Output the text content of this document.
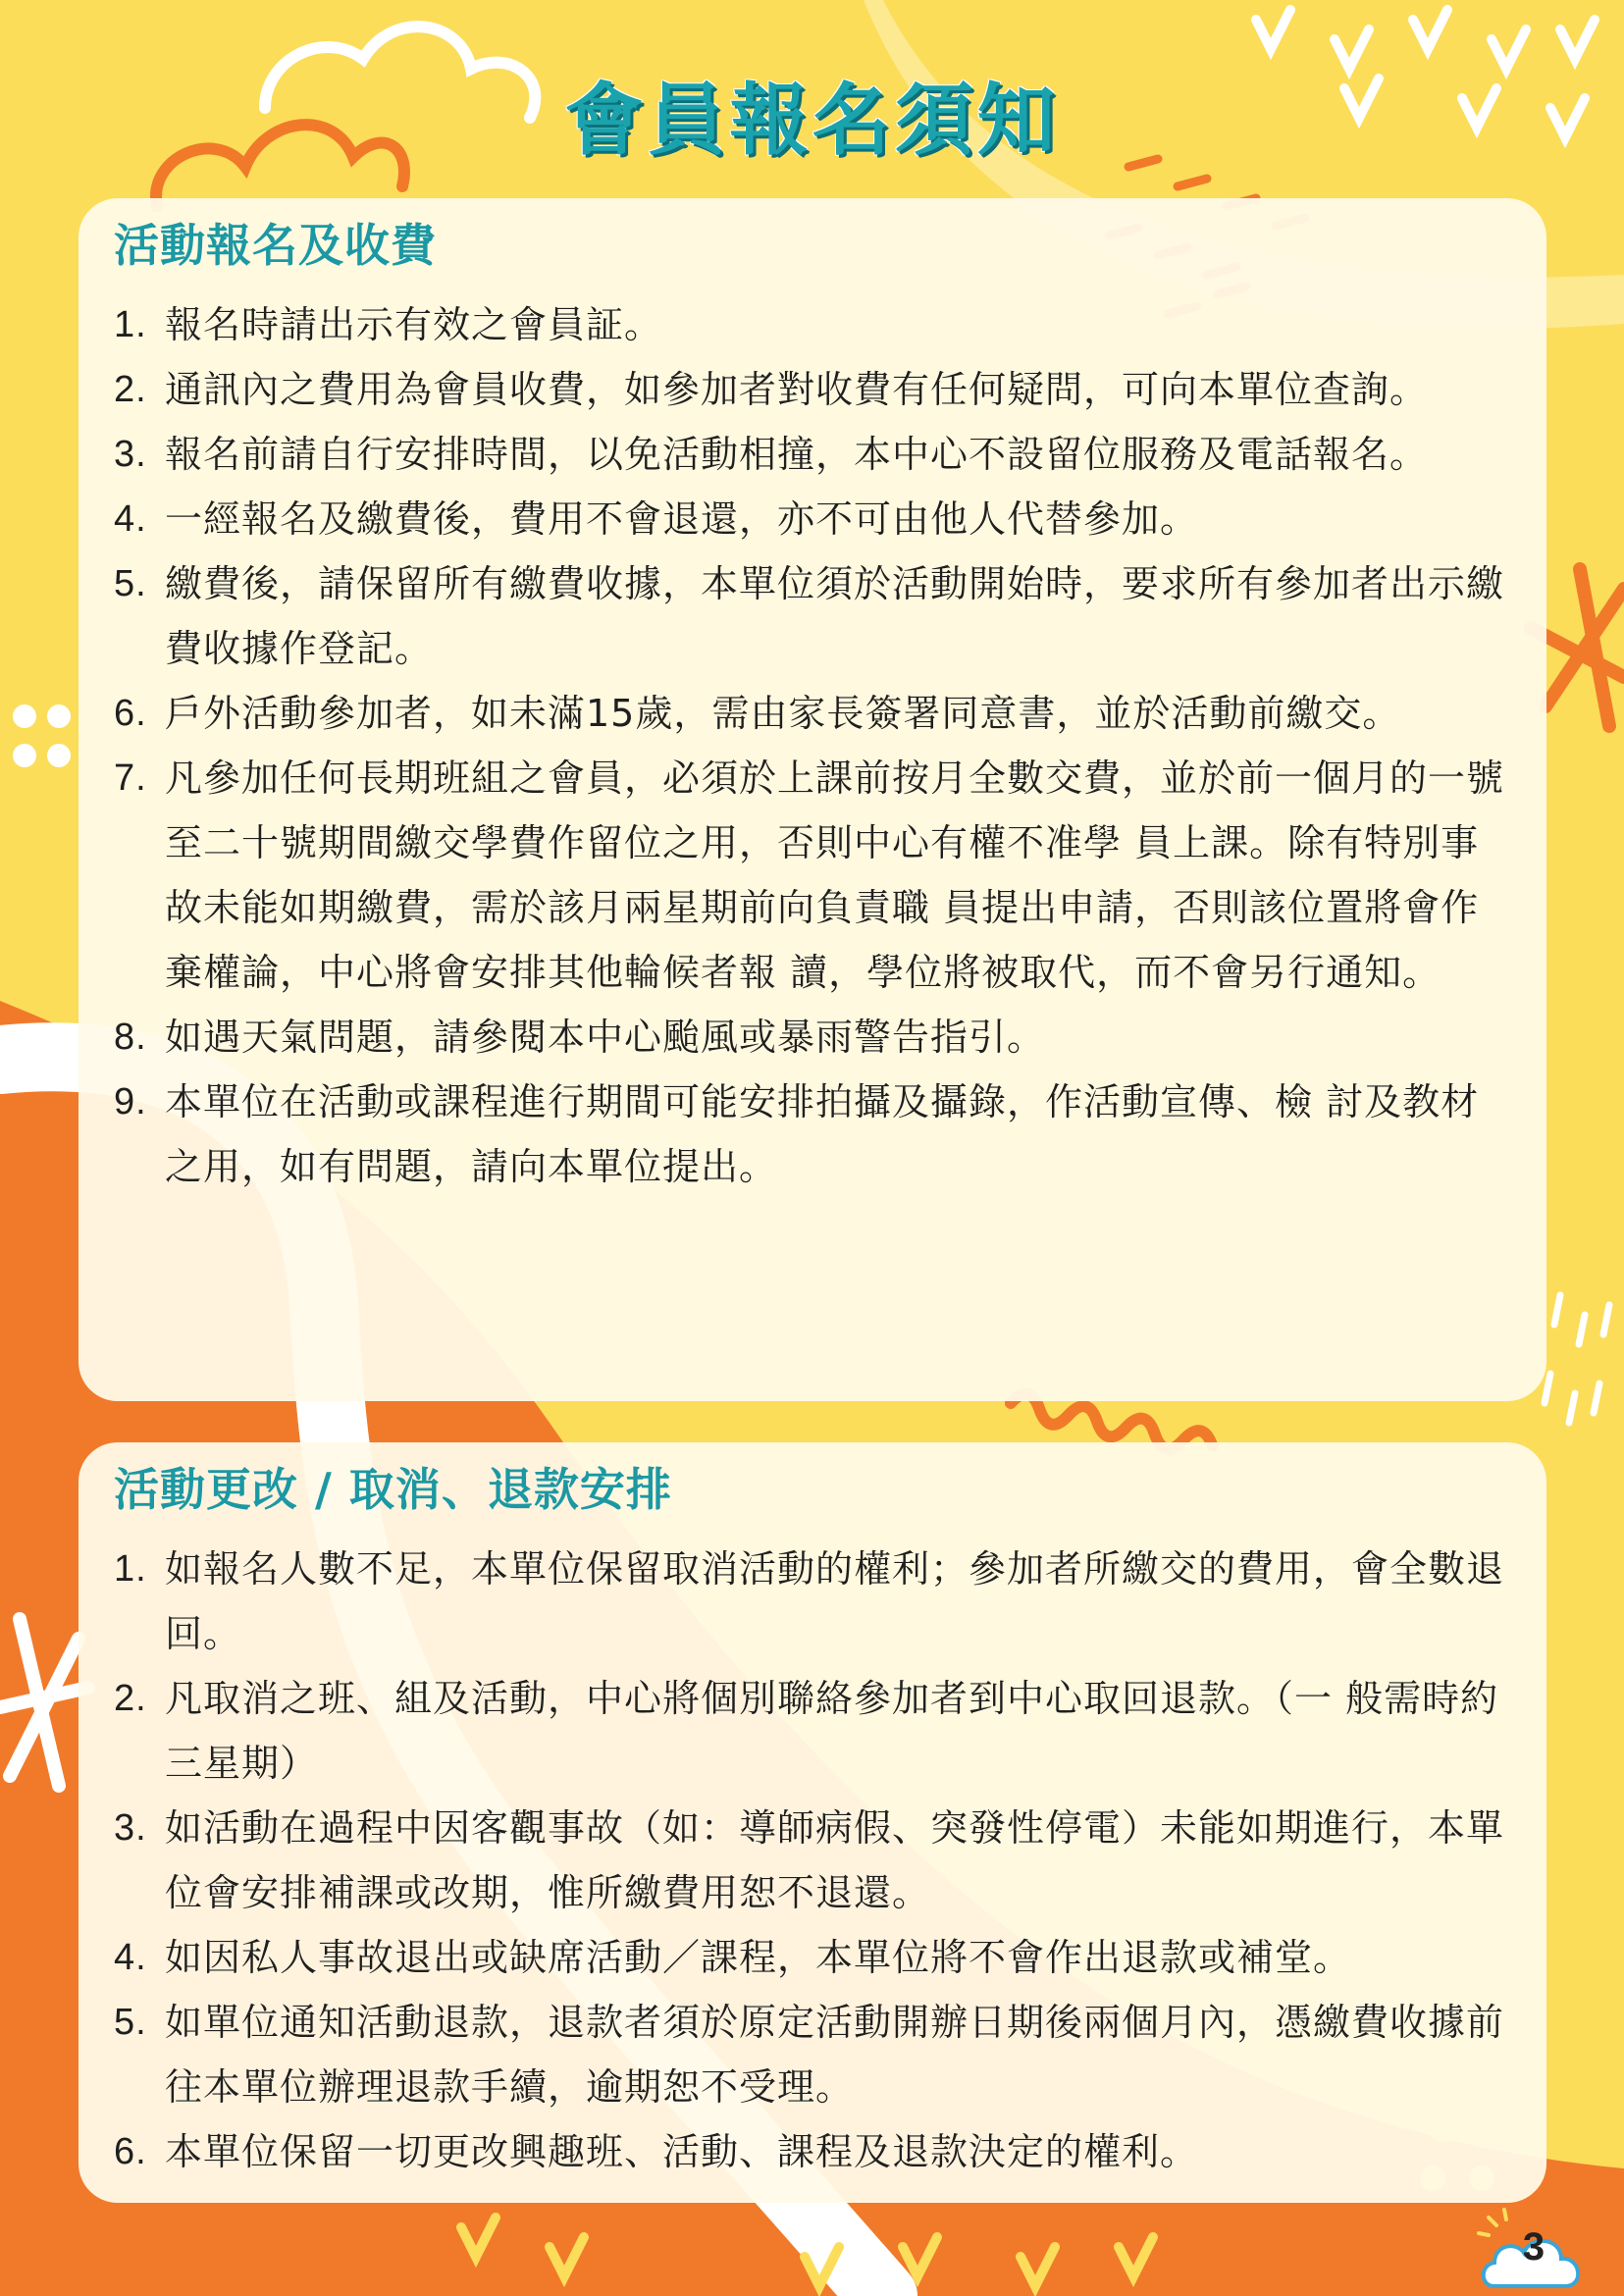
會員報名須知
活動報名及收費
1. 報名時請出示有效之會員証。
2. 通訊內之費用為會員收費，如參加者對收費有任何疑問，可向本單位查詢。
3. 報名前請自行安排時間，以免活動相撞，本中心不設留位服務及電話報名。
4. 一經報名及繳費後，費用不會退還，亦不可由他人代替參加。
5. 繳費後，請保留所有繳費收據，本單位須於活動開始時，要求所有參加者出示繳費收據作登記。
6. 戶外活動參加者，如未滿15歲，需由家長簽署同意書，並於活動前繳交。
7. 凡參加任何長期班組之會員，必須於上課前按月全數交費，並於前一個月的一號至二十號期間繳交學費作留位之用，否則中心有權不准學 員上課。除有特別事故未能如期繳費，需於該月兩星期前向負責職 員提出申請，否則該位置將會作棄權論，中心將會安排其他輪候者報 讀，學位將被取代，而不會另行通知。
8. 如遇天氣問題，請參閱本中心颱風或暴雨警告指引。
9. 本單位在活動或課程進行期間可能安排拍攝及攝錄，作活動宣傳、檢 討及教材之用，如有問題，請向本單位提出。
活動更改 / 取消、退款安排
1. 如報名人數不足，本單位保留取消活動的權利；參加者所繳交的費用，會全數退回。
2. 凡取消之班、組及活動，中心將個別聯絡參加者到中心取回退款。（一 般需時約三星期）
3. 如活動在過程中因客觀事故（如：導師病假、突發性停電）未能如期進行，本單位會安排補課或改期，惟所繳費用恕不退還。
4. 如因私人事故退出或缺席活動／課程，本單位將不會作出退款或補堂。
5. 如單位通知活動退款，退款者須於原定活動開辦日期後兩個月內，憑繳費收據前往本單位辦理退款手續，逾期恕不受理。
6. 本單位保留一切更改興趣班、活動、課程及退款決定的權利。
3
